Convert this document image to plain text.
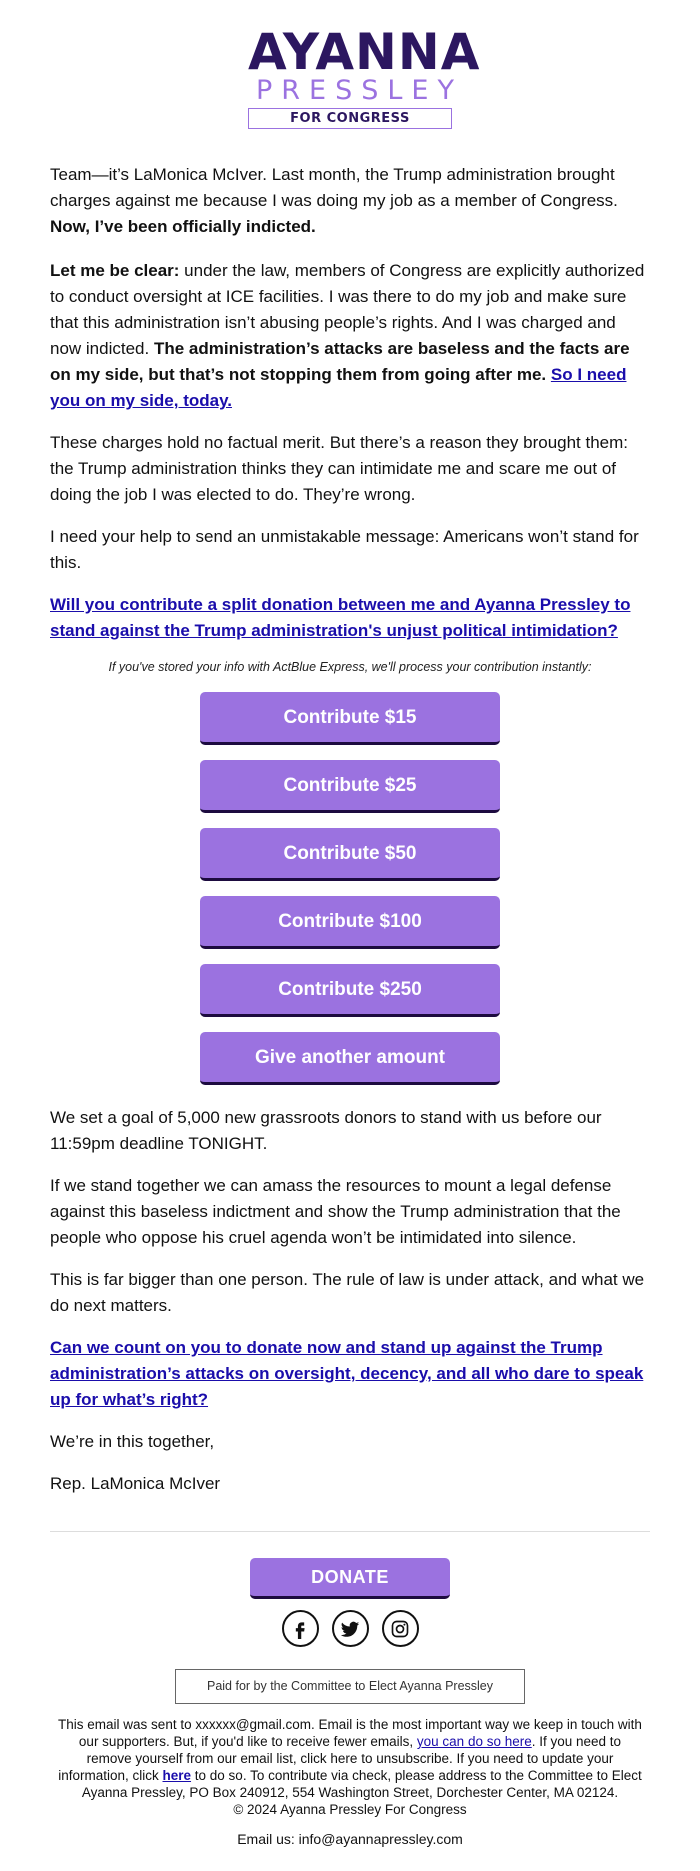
AYANNA
PRESSLEY
FOR CONGRESS

Team—it’s LaMonica McIver. Last month, the Trump administration brought charges against me because I was doing my job as a member of Congress. Now, I’ve been officially indicted.

Let me be clear: under the law, members of Congress are explicitly authorized to conduct oversight at ICE facilities. I was there to do my job and make sure that this administration isn’t abusing people’s rights. And I was charged and now indicted. The administration’s attacks are baseless and the facts are on my side, but that’s not stopping them from going after me. So I need you on my side, today.

These charges hold no factual merit. But there’s a reason they brought them: the Trump administration thinks they can intimidate me and scare me out of doing the job I was elected to do. They’re wrong.

I need your help to send an unmistakable message: Americans won’t stand for this.

Will you contribute a split donation between me and Ayanna Pressley to stand against the Trump administration's unjust political intimidation?

If you've stored your info with ActBlue Express, we'll process your contribution instantly:
Contribute $15
Contribute $25
Contribute $50
Contribute $100
Contribute $250
Give another amount

We set a goal of 5,000 new grassroots donors to stand with us before our 11:59pm deadline TONIGHT.

If we stand together we can amass the resources to mount a legal defense against this baseless indictment and show the Trump administration that the people who oppose his cruel agenda won’t be intimidated into silence.

This is far bigger than one person. The rule of law is under attack, and what we do next matters.

Can we count on you to donate now and stand up against the Trump administration’s attacks on oversight, decency, and all who dare to speak up for what’s right?

We’re in this together,

Rep. LaMonica McIver

DONATE
Paid for by the Committee to Elect Ayanna Pressley
This email was sent to xxxxxx@gmail.com. Email is the most important way we keep in touch with our supporters. But, if you'd like to receive fewer emails, you can do so here. If you need to remove yourself from our email list, click here to unsubscribe. If you need to update your information, click here to do so. To contribute via check, please address to the Committee to Elect Ayanna Pressley, PO Box 240912, 554 Washington Street, Dorchester Center, MA 02124.
© 2024 Ayanna Pressley For Congress
Email us: info@ayannapressley.com
